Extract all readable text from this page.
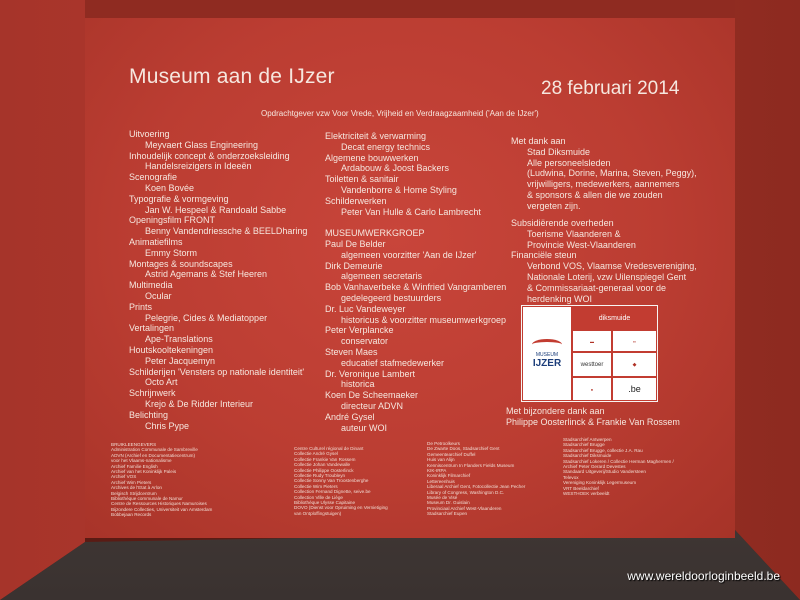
Museum aan de IJzer
28 februari 2014
Opdrachtgever vzw Voor Vrede, Vrijheid en Verdraagzaamheid ('Aan de IJzer')
Uitvoering
Meyvaert Glass Engineering
Inhoudelijk concept & onderzoeksleiding
Handelsreizigers in Ideeën
Scenografie
Koen Bovée
Typografie & vormgeving
Jan W. Hespeel & Randoald Sabbe
Openingsfilm FRONT
Benny Vandendriessche & BEELDharing
Animatiefilms
Emmy Storm
Montages & soundscapes
Astrid Agemans & Stef Heeren
Multimedia
Ocular
Prints
Pelegrie, Cides & Mediatopper
Vertalingen
Ape-Translations
Houtskooltekeningen
Peter Jacquemyn
Schilderijen 'Vensters op nationale identiteit'
Octo Art
Schrijnwerk
Krejo & De Ridder Interieur
Belichting
Chris Pype
Elektriciteit & verwarming
Decat energy technics
Algemene bouwwerken
Ardabouw & Joost Backers
Toiletten & sanitair
Vandenborre & Home Styling
Schilderwerken
Peter Van Hulle & Carlo Lambrecht
MUSEUMWERKGROEP
Paul De Belder
algemeen voorzitter 'Aan de IJzer'
Dirk Demeurie
algemeen secretaris
Bob Vanhaverbeke & Winfried Vangramberen
gedelegeerd bestuurders
Dr. Luc Vandeweyer
historicus & voorzitter museumwerkgroep
Peter Verplancke
conservator
Steven Maes
educatief stafmedewerker
Dr. Veronique Lambert
historica
Koen De Scheemaeker
directeur ADVN
André Gysel
auteur WOI
Met dank aan
Stad Diksmuide
Alle personeelsleden
(Ludwina, Dorine, Marina, Steven, Peggy),
vrijwilligers, medewerkers, aannemers
& sponsors & allen die we zouden
vergeten zijn.
Subsidiërende overheden
Toerisme Vlaanderen &
Provincie West-Vlaanderen
Financiële steun
Verbond VOS, Vlaamse Vredesvereniging,
Nationale Loterij, vzw Uilenspiegel Gent
& Commissariaat-generaal voor de
herdenking WOI
MUSEUM
IJZER
diksmuide
▬	▪▪
westtoer	◆
●	.be
Met bijzondere dank aan
Philippe Oosterlinck & Frankie Van Rossem
BRUIKLEENGEVERS
Administration Communale de Sambreville
ADVN (Archief en Documentatiecentrum)
voor het Vlaams-nationalisme
Archief Familie English
Archief van het Koninklijk Paleis
Archief VOS
Archief Wim Pieters
Archives de l'Etat à Arlon
Belgisch Strijdcentrum
Bibliothèque communale de Namur
Centre de Ressources Historiques Namuroises
Bijzondere Collecties, Universiteit van Amsterdam
Bobbejaan Records
Centre Culturel régional de Dinant
Collectie André Gysel
Collectie Frankie Van Rossem
Collectie Johan Vandewalle
Collectie Philippe Oosterlinck
Collectie Rudy Troubleyn
Collectie Sonny Van Troostenberghe
Collectie Wim Pieters
Collection Fernand Dignette, seive.be
Collection Ville de Liège
Bibliothèque Ulysse Capitaine
DOVO (Dienst voor Opruiming en Vernietiging
van Ontploffingstuigen)
De Petroolkeurs
De Zwarte Doos, Stadsarchief Gent
Gemeentearchief Duffel
Huis van Alijn
Kenniscentrum In Flanders Fields Museum
KIK-IRPA
Koninklijk Filmarchief
Lettereenhuis
Liberaal Archief Gent, Fotocollectie Jean Pecher
Library of Congress, Washington D.C.
Musée de Visé
Museum Dr. Guislain
Provinciaal Archief West-Vlaanderen
Stadsarchief Eupen
Stadsarchief Antwerpen
Stadsarchief Brugge
Stadsarchief Brugge, collectie J.A. Rau
Stadsarchief Diksmuide
Stadsarchief Lokeren / Collectie Herman Maghermen /
Archief Peter Gerard Devestes
Standaard Uitgeverij/Studio Vandersteen
Televox
Vereniging Koninklijk Legermuseum
VRT Beeldarchief
WESTHOEK verbeeldt
www.wereldoorloginbeeld.be
